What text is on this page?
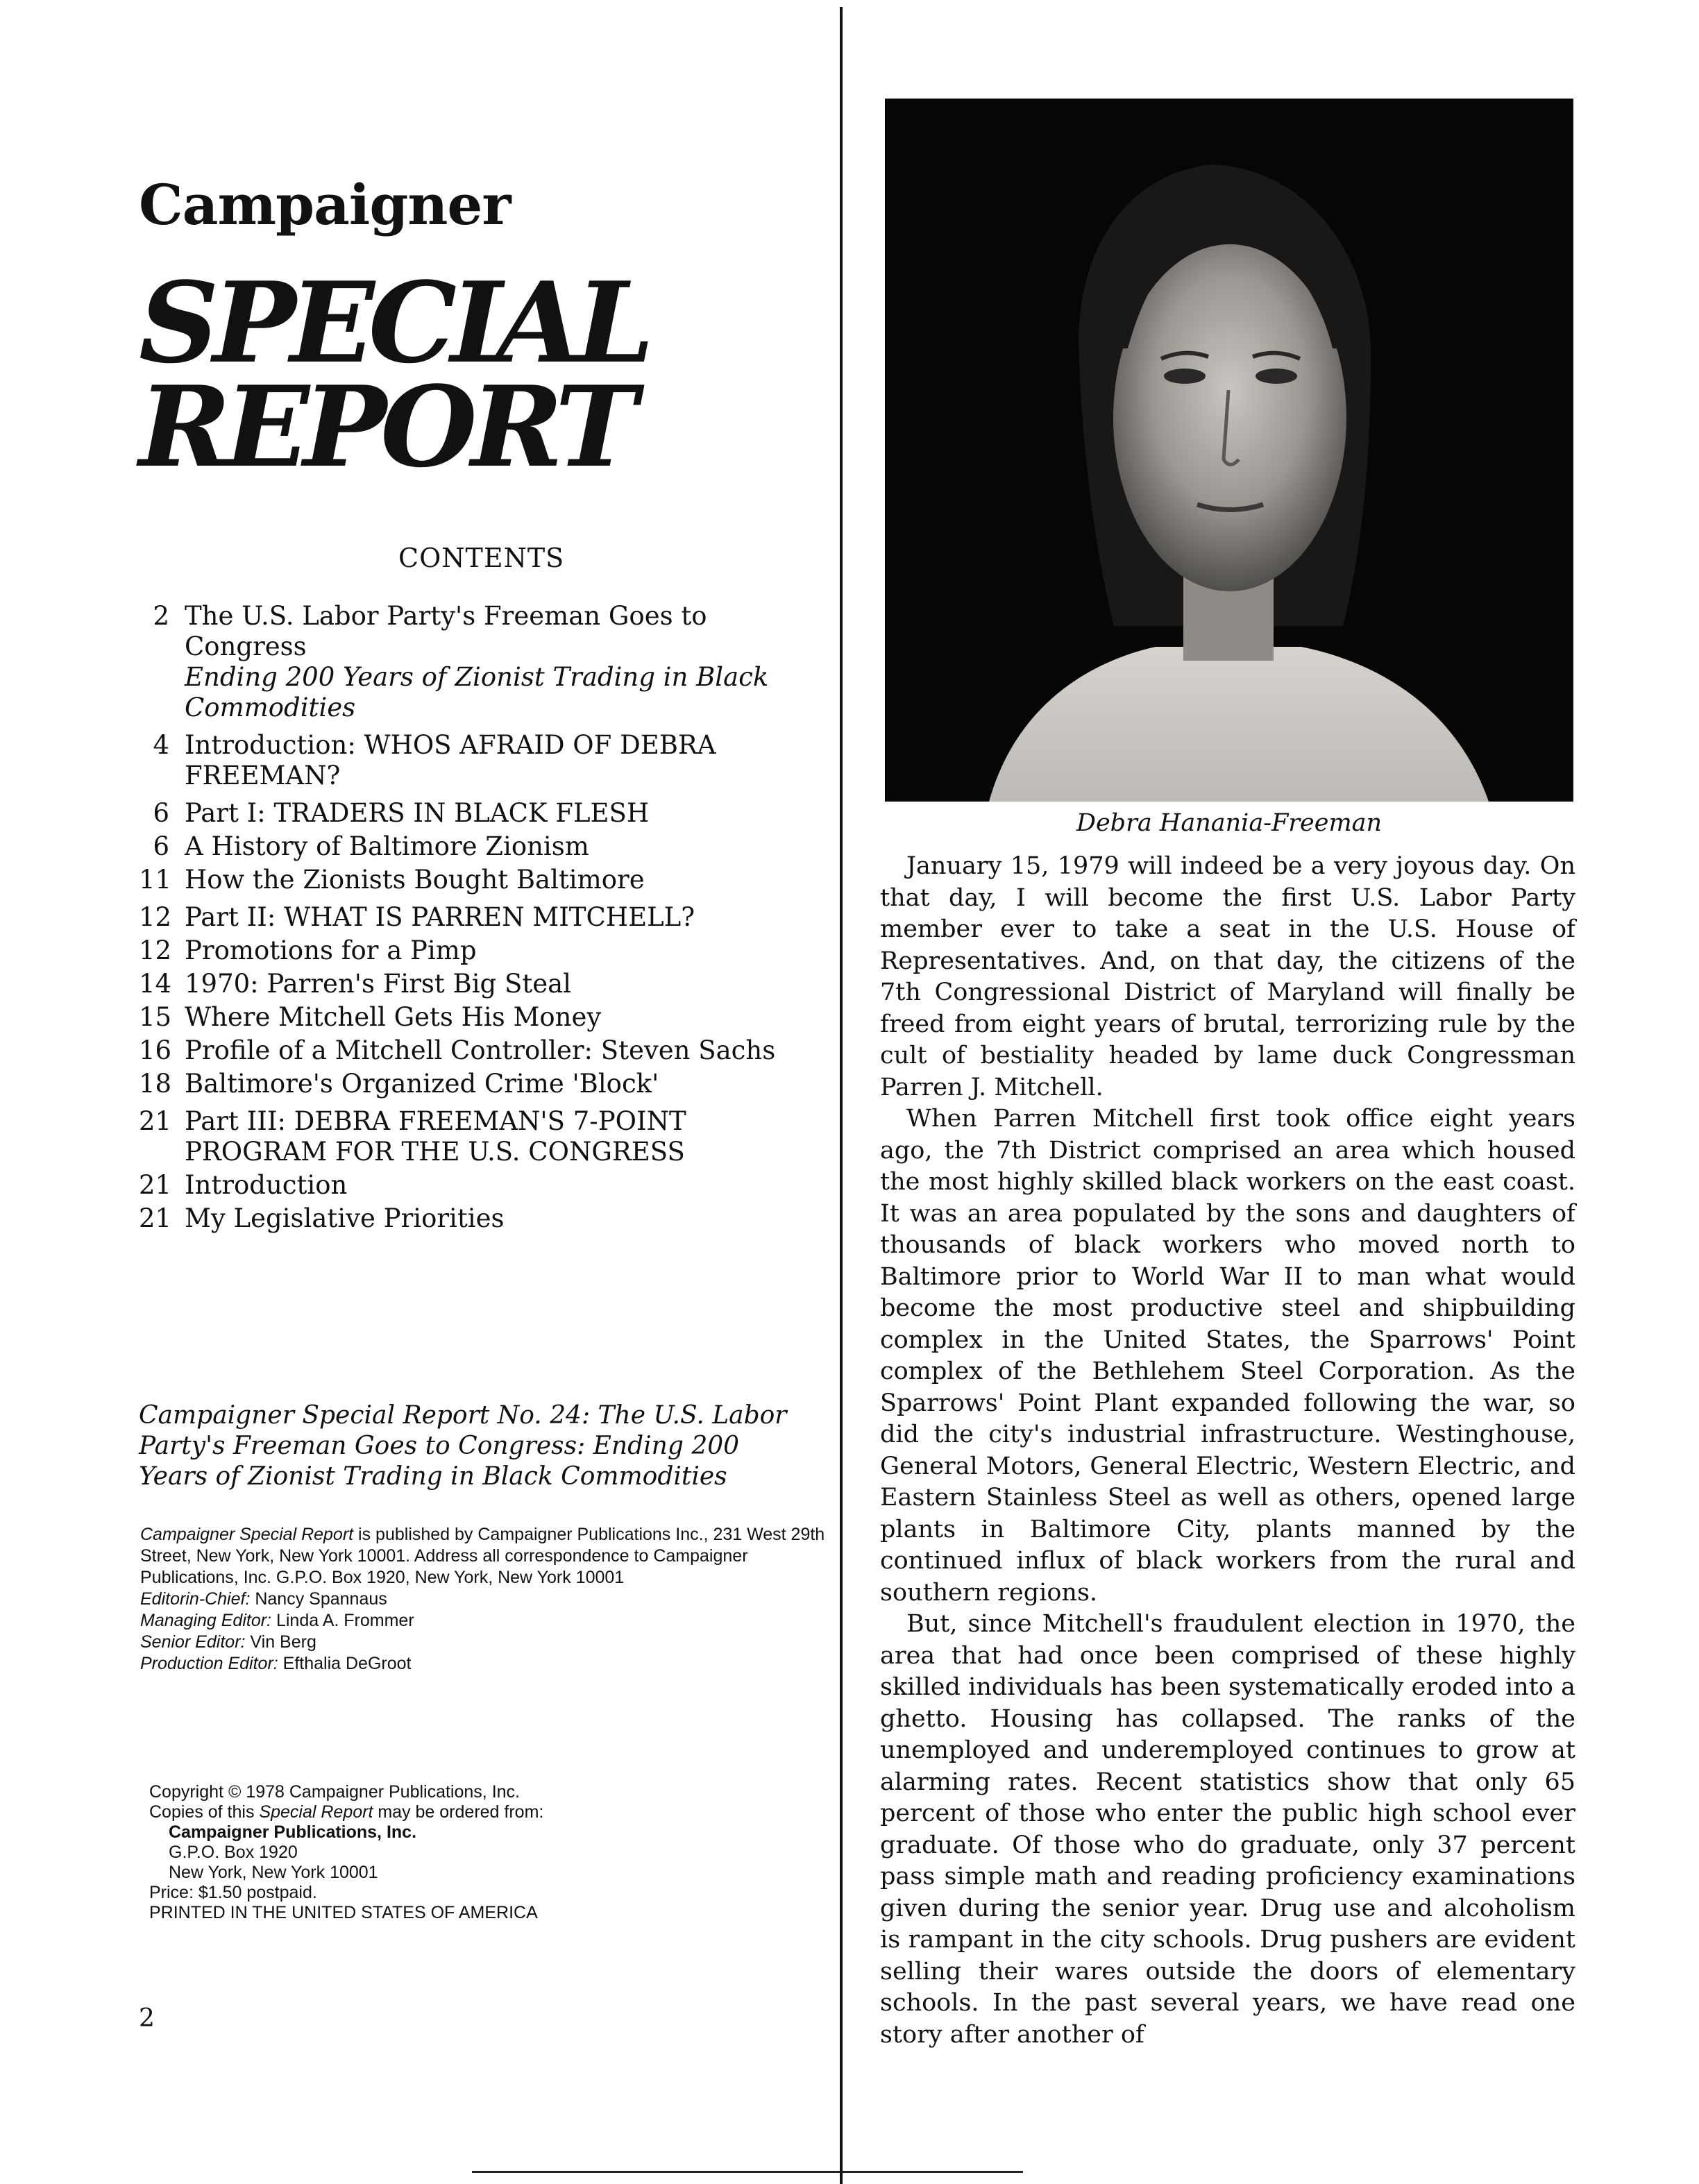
Campaigner
SPECIAL
REPORT
CONTENTS
2 The U.S. Labor Party's Freeman Goes to Congress
Ending 200 Years of Zionist Trading in Black Commodities
4 Introduction: WHOS AFRAID OF DEBRA FREEMAN?
6 Part I: TRADERS IN BLACK FLESH
6 A History of Baltimore Zionism
11 How the Zionists Bought Baltimore
12 Part II: WHAT IS PARREN MITCHELL?
12 Promotions for a Pimp
14 1970: Parren's First Big Steal
15 Where Mitchell Gets His Money
16 Profile of a Mitchell Controller: Steven Sachs
18 Baltimore's Organized Crime 'Block'
21 Part III: DEBRA FREEMAN'S 7-POINT PROGRAM FOR THE U.S. CONGRESS
21 Introduction
21 My Legislative Priorities
Campaigner Special Report No. 24: The U.S. Labor Party's Freeman Goes to Congress: Ending 200 Years of Zionist Trading in Black Commodities
Campaigner Special Report is published by Campaigner Publications Inc., 231 West 29th Street, New York, New York 10001. Address all correspondence to Campaigner Publications, Inc. G.P.O. Box 1920, New York, New York 10001
Editorin-Chief: Nancy Spannaus
Managing Editor: Linda A. Frommer
Senior Editor: Vin Berg
Production Editor: Efthalia DeGroot
Copyright © 1978 Campaigner Publications, Inc.
Copies of this Special Report may be ordered from:
Campaigner Publications, Inc.
G.P.O. Box 1920
New York, New York 10001
Price: $1.50 postpaid.
PRINTED IN THE UNITED STATES OF AMERICA
2
Debra Hanania-Freeman

January 15, 1979 will indeed be a very joyous day. On that day, I will become the first U.S. Labor Party member ever to take a seat in the U.S. House of Representatives. And, on that day, the citizens of the 7th Congressional District of Maryland will finally be freed from eight years of brutal, terrorizing rule by the cult of bestiality headed by lame duck Congressman Parren J. Mitchell.

When Parren Mitchell first took office eight years ago, the 7th District comprised an area which housed the most highly skilled black workers on the east coast. It was an area populated by the sons and daughters of thousands of black workers who moved north to Baltimore prior to World War II to man what would become the most productive steel and shipbuilding complex in the United States, the Sparrows' Point complex of the Bethlehem Steel Corporation. As the Sparrows' Point Plant expanded following the war, so did the city's industrial infrastructure. Westinghouse, General Motors, General Electric, Western Electric, and Eastern Stainless Steel as well as others, opened large plants in Baltimore City, plants manned by the continued influx of black workers from the rural and southern regions.

But, since Mitchell's fraudulent election in 1970, the area that had once been comprised of these highly skilled individuals has been systematically eroded into a ghetto. Housing has collapsed. The ranks of the unemployed and underemployed continues to grow at alarming rates. Recent statistics show that only 65 percent of those who enter the public high school ever graduate. Of those who do graduate, only 37 percent pass simple math and reading proficiency examinations given during the senior year. Drug use and alcoholism is rampant in the city schools. Drug pushers are evident selling their wares outside the doors of elementary schools. In the past several years, we have read one story after another of
